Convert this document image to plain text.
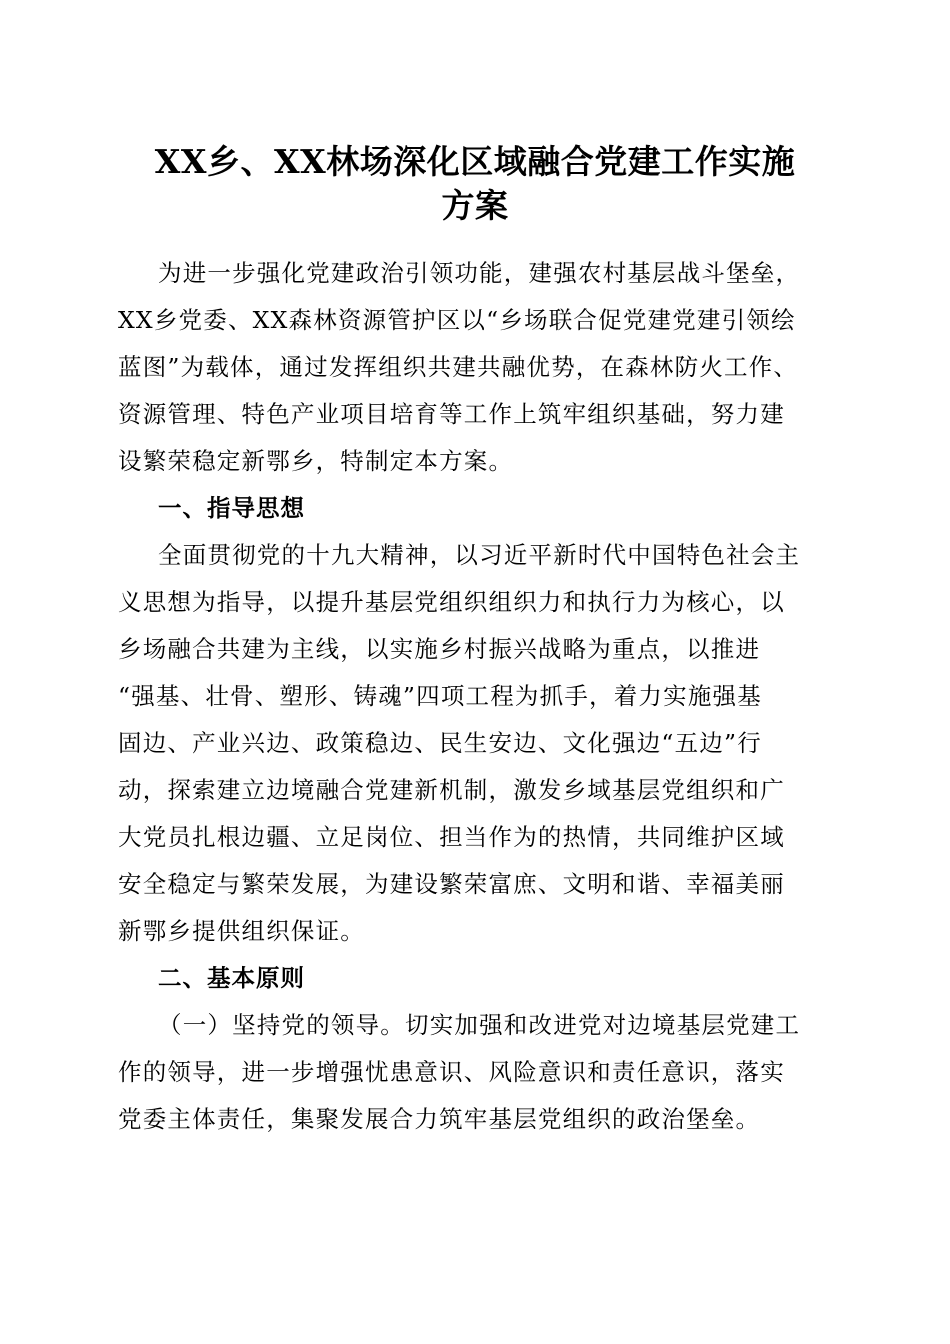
XX乡、XX林场深化区域融合党建工作实施
方案
为进一步强化党建政治引领功能，建强农村基层战斗堡垒，
XX乡党委、XX森林资源管护区以“乡场联合促党建党建引领绘
蓝图”为载体，通过发挥组织共建共融优势，在森林防火工作、
资源管理、特色产业项目培育等工作上筑牢组织基础，努力建
设繁荣稳定新鄂乡，特制定本方案。
一、指导思想
全面贯彻党的十九大精神，以习近平新时代中国特色社会主
义思想为指导，以提升基层党组织组织力和执行力为核心，以
乡场融合共建为主线，以实施乡村振兴战略为重点，以推进
“强基、壮骨、塑形、铸魂”四项工程为抓手，着力实施强基
固边、产业兴边、政策稳边、民生安边、文化强边“五边”行
动，探索建立边境融合党建新机制，激发乡域基层党组织和广
大党员扎根边疆、立足岗位、担当作为的热情，共同维护区域
安全稳定与繁荣发展，为建设繁荣富庶、文明和谐、幸福美丽
新鄂乡提供组织保证。
二、基本原则
（一）坚持党的领导。切实加强和改进党对边境基层党建工
作的领导，进一步增强忧患意识、风险意识和责任意识，落实
党委主体责任，集聚发展合力筑牢基层党组织的政治堡垒。
